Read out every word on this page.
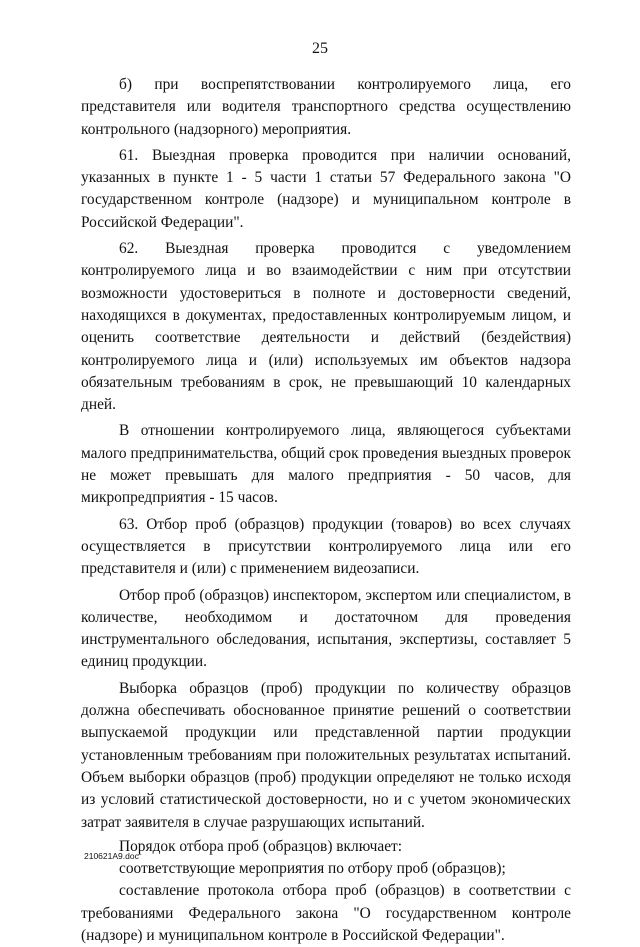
25

б) при воспрепятствовании контролируемого лица, его представителя или водителя транспортного средства осуществлению контрольного (надзорного) мероприятия.

61. Выездная проверка проводится при наличии оснований, указанных в пункте 1 - 5 части 1 статьи 57 Федерального закона "О государственном контроле (надзоре) и муниципальном контроле в Российской Федерации".

62. Выездная проверка проводится с уведомлением контролируемого лица и во взаимодействии с ним при отсутствии возможности удостовериться в полноте и достоверности сведений, находящихся в документах, предоставленных контролируемым лицом, и оценить соответствие деятельности и действий (бездействия) контролируемого лица и (или) используемых им объектов надзора обязательным требованиям в срок, не превышающий 10 календарных дней.

В отношении контролируемого лица, являющегося субъектами малого предпринимательства, общий срок проведения выездных проверок не может превышать для малого предприятия - 50 часов, для микропредприятия - 15 часов.

63. Отбор проб (образцов) продукции (товаров) во всех случаях осуществляется в присутствии контролируемого лица или его представителя и (или) с применением видеозаписи.

Отбор проб (образцов) инспектором, экспертом или специалистом, в количестве, необходимом и достаточном для проведения инструментального обследования, испытания, экспертизы, составляет 5 единиц продукции.

Выборка образцов (проб) продукции по количеству образцов должна обеспечивать обоснованное принятие решений о соответствии выпускаемой продукции или представленной партии продукции установленным требованиям при положительных результатах испытаний. Объем выборки образцов (проб) продукции определяют не только исходя из условий статистической достоверности, но и с учетом экономических затрат заявителя в случае разрушающих испытаний.

Порядок отбора проб (образцов) включает:

соответствующие мероприятия по отбору проб (образцов);

составление протокола отбора проб (образцов) в соответствии с требованиями Федерального закона "О государственном контроле (надзоре) и муниципальном контроле в Российской Федерации".

210621A9.doc
